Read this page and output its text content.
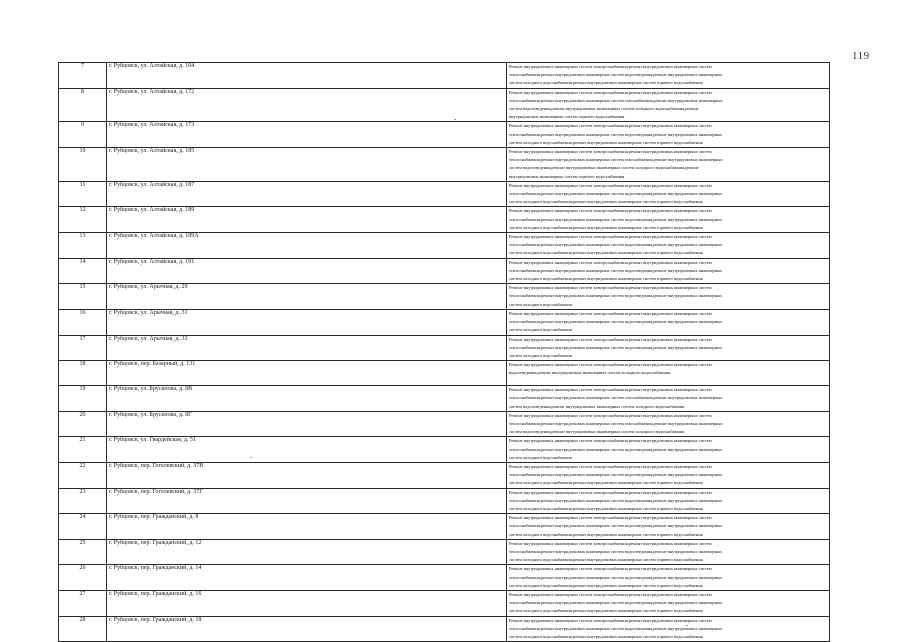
119
7	г. Рубцовск, ул. Алтайская, д. 104	Ремонт внутридомовых инженерных систем электроснабжения,ремонт внутридомовых инженерных систем
теплоснабжения,ремонт внутридомовых инженерных систем водоотведения,ремонт внутридомовых инженерных
систем холодного водоснабжения,ремонт внутридомовых инженерных систем горячего водоснабжения

8	г. Рубцовск, ул. Алтайская, д. 172	Ремонт внутридомовых инженерных систем электроснабжения,ремонт внутридомовых инженерных систем
теплоснабжения,ремонт внутридомовых инженерных систем газоснабжения,ремонт внутридомовых инженерных
систем водоотведения,ремонт внутридомовых инженерных систем холодного водоснабжения,ремонт
внутридомовых инженерных систем горячего водоснабжения

9	г. Рубцовск, ул. Алтайская, д. 173	Ремонт внутридомовых инженерных систем электроснабжения,ремонт внутридомовых инженерных систем
теплоснабжения,ремонт внутридомовых инженерных систем водоотведения,ремонт внутридомовых инженерных
систем холодного водоснабжения,ремонт внутридомовых инженерных систем горячего водоснабжения

10	г. Рубцовск, ул. Алтайская, д. 185	Ремонт внутридомовых инженерных систем электроснабжения,ремонт внутридомовых инженерных систем
теплоснабжения,ремонт внутридомовых инженерных систем газоснабжения,ремонт внутридомовых инженерных
систем водоотведения,ремонт внутридомовых инженерных систем холодного водоснабжения,ремонт
внутридомовых инженерных систем горячего водоснабжения

11	г. Рубцовск, ул. Алтайская, д. 187	Ремонт внутридомовых инженерных систем электроснабжения,ремонт внутридомовых инженерных систем
теплоснабжения,ремонт внутридомовых инженерных систем водоотведения,ремонт внутридомовых инженерных
систем холодного водоснабжения,ремонт внутридомовых инженерных систем горячего водоснабжения

12	г. Рубцовск, ул. Алтайская, д. 189	Ремонт внутридомовых инженерных систем электроснабжения,ремонт внутридомовых инженерных систем
теплоснабжения,ремонт внутридомовых инженерных систем водоотведения,ремонт внутридомовых инженерных
систем холодного водоснабжения,ремонт внутридомовых инженерных систем горячего водоснабжения

13	г. Рубцовск, ул. Алтайская, д. 189А	Ремонт внутридомовых инженерных систем электроснабжения,ремонт внутридомовых инженерных систем
теплоснабжения,ремонт внутридомовых инженерных систем водоотведения,ремонт внутридомовых инженерных
систем холодного водоснабжения,ремонт внутридомовых инженерных систем горячего водоснабжения

14	г. Рубцовск, ул. Алтайская, д. 191	Ремонт внутридомовых инженерных систем электроснабжения,ремонт внутридомовых инженерных систем
теплоснабжения,ремонт внутридомовых инженерных систем водоотведения,ремонт внутридомовых инженерных
систем холодного водоснабжения,ремонт внутридомовых инженерных систем горячего водоснабжения

15	г. Рубцовск, ул. Арычная, д. 29	Ремонт внутридомовых инженерных систем электроснабжения,ремонт внутридомовых инженерных систем
теплоснабжения,ремонт внутридомовых инженерных систем водоотведения,ремонт внутридомовых инженерных
систем холодного водоснабжения

16	г. Рубцовск, ул. Арычная, д. 31	Ремонт внутридомовых инженерных систем электроснабжения,ремонт внутридомовых инженерных систем
теплоснабжения,ремонт внутридомовых инженерных систем водоотведения,ремонт внутридомовых инженерных
систем холодного водоснабжения

17	г. Рубцовск, ул. Арычная, д. 33	Ремонт внутридомовых инженерных систем электроснабжения,ремонт внутридомовых инженерных систем
теплоснабжения,ремонт внутридомовых инженерных систем водоотведения,ремонт внутридомовых инженерных
систем холодного водоснабжения

18	г. Рубцовск, пер. Базарный, д. 131	Ремонт внутридомовых инженерных систем электроснабжения,ремонт внутридомовых инженерных систем
водоотведения,ремонт внутридомовых инженерных систем холодного водоснабжения

19	г. Рубцовск, ул. Брусилова, д. 8В	Ремонт внутридомовых инженерных систем электроснабжения,ремонт внутридомовых инженерных систем
теплоснабжения,ремонт внутридомовых инженерных систем газоснабжения,ремонт внутридомовых инженерных
систем водоотведения,ремонт внутридомовых инженерных систем холодного водоснабжения

20	г. Рубцовск, ул. Брусилова, д. 8Г	Ремонт внутридомовых инженерных систем электроснабжения,ремонт внутридомовых инженерных систем
теплоснабжения,ремонт внутридомовых инженерных систем газоснабжения,ремонт внутридомовых инженерных
систем водоотведения,ремонт внутридомовых инженерных систем холодного водоснабжения

21	г. Рубцовск, ул. Гвардейская, д. 51	Ремонт внутридомовых инженерных систем электроснабжения,ремонт внутридомовых инженерных систем
теплоснабжения,ремонт внутридомовых инженерных систем водоотведения,ремонт внутридомовых инженерных
систем холодного водоснабжения

22	г. Рубцовск, пер. Гоголевский, д. 37В	Ремонт внутридомовых инженерных систем электроснабжения,ремонт внутридомовых инженерных систем
теплоснабжения,ремонт внутридомовых инженерных систем водоотведения,ремонт внутридомовых инженерных
систем холодного водоснабжения,ремонт внутридомовых инженерных систем горячего водоснабжения

23	г. Рубцовск, пер. Гоголевский, д. 37Г	Ремонт внутридомовых инженерных систем электроснабжения,ремонт внутридомовых инженерных систем
теплоснабжения,ремонт внутридомовых инженерных систем водоотведения,ремонт внутридомовых инженерных
систем холодного водоснабжения,ремонт внутридомовых инженерных систем горячего водоснабжения

24	г. Рубцовск, пер. Гражданский, д. 8	Ремонт внутридомовых инженерных систем электроснабжения,ремонт внутридомовых инженерных систем
теплоснабжения,ремонт внутридомовых инженерных систем водоотведения,ремонт внутридомовых инженерных
систем холодного водоснабжения,ремонт внутридомовых инженерных систем горячего водоснабжения

25	г. Рубцовск, пер. Гражданский, д. 12	Ремонт внутридомовых инженерных систем электроснабжения,ремонт внутридомовых инженерных систем
теплоснабжения,ремонт внутридомовых инженерных систем водоотведения,ремонт внутридомовых инженерных
систем холодного водоснабжения,ремонт внутридомовых инженерных систем горячего водоснабжения

26	г. Рубцовск, пер. Гражданский, д. 14	Ремонт внутридомовых инженерных систем электроснабжения,ремонт внутридомовых инженерных систем
теплоснабжения,ремонт внутридомовых инженерных систем водоотведения,ремонт внутридомовых инженерных
систем холодного водоснабжения,ремонт внутридомовых инженерных систем горячего водоснабжения

27	г. Рубцовск, пер. Гражданский, д. 16	Ремонт внутридомовых инженерных систем электроснабжения,ремонт внутридомовых инженерных систем
теплоснабжения,ремонт внутридомовых инженерных систем водоотведения,ремонт внутридомовых инженерных
систем холодного водоснабжения,ремонт внутридомовых инженерных систем горячего водоснабжения

28	г. Рубцовск, пер. Гражданский, д. 18	Ремонт внутридомовых инженерных систем электроснабжения,ремонт внутридомовых инженерных систем
теплоснабжения,ремонт внутридомовых инженерных систем водоотведения,ремонт внутридомовых инженерных
систем холодного водоснабжения,ремонт внутридомовых инженерных систем горячего водоснабжения
